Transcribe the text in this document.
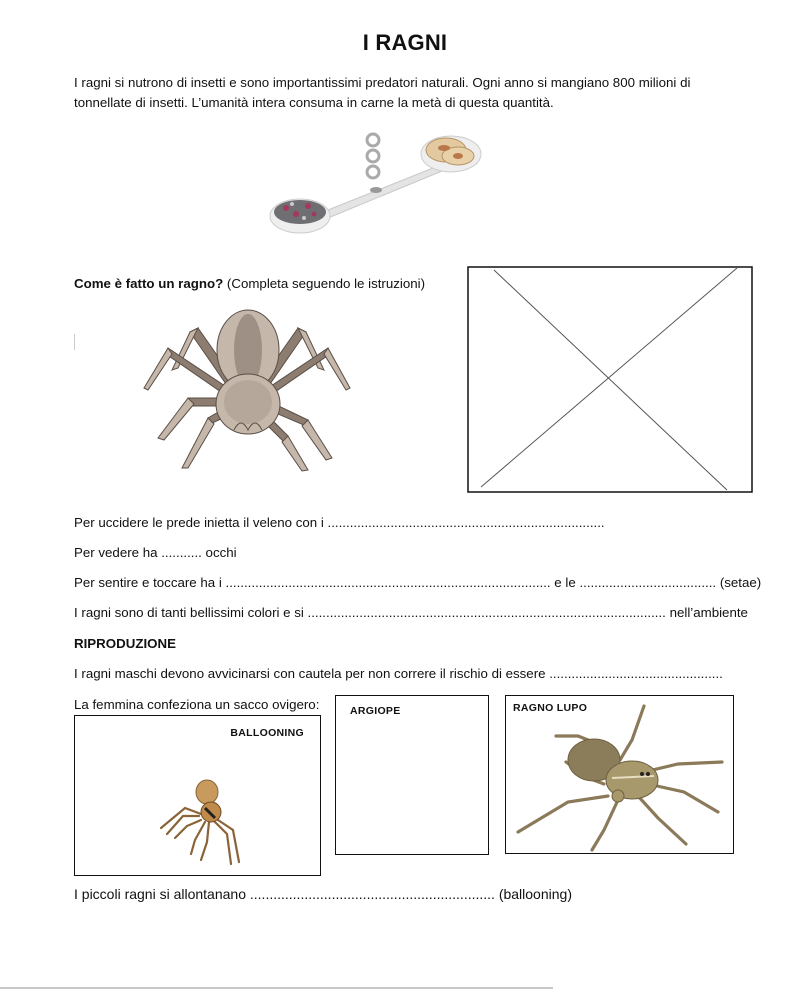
I RAGNI
I ragni si nutrono di insetti e sono importantissimi predatori naturali. Ogni anno si mangiano 800 milioni di tonnellate di insetti. L’umanità intera consuma in carne la metà di questa quantità.
Come è fatto un ragno? (Completa seguendo le istruzioni)
Per uccidere le prede inietta il veleno con i ...........................................................................
Per vedere ha ........... occhi
Per sentire e toccare ha i ........................................................................................ e le ..................................... (setae)
I ragni sono di tanti bellissimi colori e si ................................................................................................. nell’ambiente
RIPRODUZIONE
I ragni maschi devono avvicinarsi con cautela per non correre il rischio di essere ...............................................
La femmina confeziona un sacco ovigero:
BALLOONING
ARGIOPE	RAGNO LUPO
I piccoli ragni si allontanano ............................................................... (ballooning)
